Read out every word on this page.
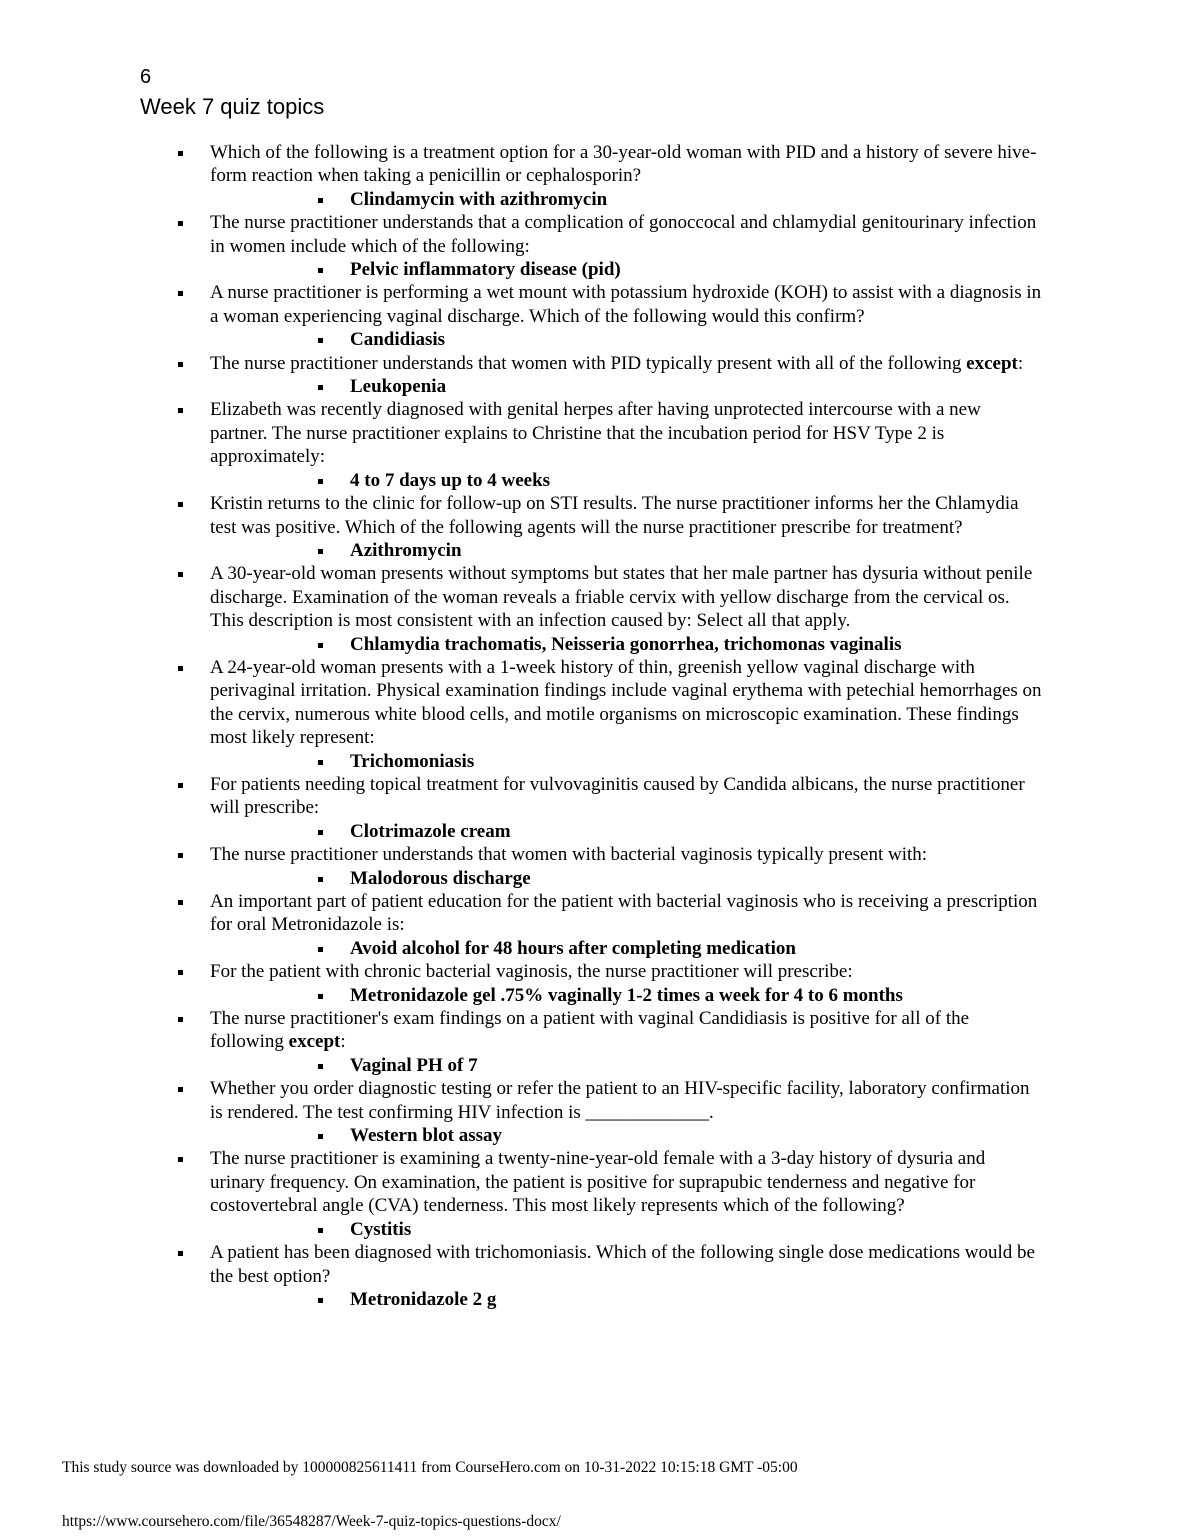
6
Week 7 quiz topics
Which of the following is a treatment option for a 30-year-old woman with PID and a history of severe hive-form reaction when taking a penicillin or cephalosporin?
Clindamycin with azithromycin
The nurse practitioner understands that a complication of gonoccocal and chlamydial genitourinary infection in women include which of the following:
Pelvic inflammatory disease (pid)
A nurse practitioner is performing a wet mount with potassium hydroxide (KOH) to assist with a diagnosis in a woman experiencing vaginal discharge. Which of the following would this confirm?
Candidiasis
The nurse practitioner understands that women with PID typically present with all of the following except:
Leukopenia
Elizabeth was recently diagnosed with genital herpes after having unprotected intercourse with a new partner. The nurse practitioner explains to Christine that the incubation period for HSV Type 2 is approximately:
4 to 7 days up to 4 weeks
Kristin returns to the clinic for follow-up on STI results. The nurse practitioner informs her the Chlamydia test was positive. Which of the following agents will the nurse practitioner prescribe for treatment?
Azithromycin
A 30-year-old woman presents without symptoms but states that her male partner has dysuria without penile discharge. Examination of the woman reveals a friable cervix with yellow discharge from the cervical os. This description is most consistent with an infection caused by: Select all that apply.
Chlamydia trachomatis, Neisseria gonorrhea, trichomonas vaginalis
A 24-year-old woman presents with a 1-week history of thin, greenish yellow vaginal discharge with perivaginal irritation. Physical examination findings include vaginal erythema with petechial hemorrhages on the cervix, numerous white blood cells, and motile organisms on microscopic examination. These findings most likely represent:
Trichomoniasis
For patients needing topical treatment for vulvovaginitis caused by Candida albicans, the nurse practitioner will prescribe:
Clotrimazole cream
The nurse practitioner understands that women with bacterial vaginosis typically present with:
Malodorous discharge
An important part of patient education for the patient with bacterial vaginosis who is receiving a prescription for oral Metronidazole is:
Avoid alcohol for 48 hours after completing medication
For the patient with chronic bacterial vaginosis, the nurse practitioner will prescribe:
Metronidazole gel .75% vaginally 1-2 times a week for 4 to 6 months
The nurse practitioner's exam findings on a patient with vaginal Candidiasis is positive for all of the following except:
Vaginal PH of 7
Whether you order diagnostic testing or refer the patient to an HIV-specific facility, laboratory confirmation is rendered. The test confirming HIV infection is _____________.
Western blot assay
The nurse practitioner is examining a twenty-nine-year-old female with a 3-day history of dysuria and urinary frequency. On examination, the patient is positive for suprapubic tenderness and negative for costovertebral angle (CVA) tenderness. This most likely represents which of the following?
Cystitis
A patient has been diagnosed with trichomoniasis. Which of the following single dose medications would be the best option?
Metronidazole 2 g
This study source was downloaded by 100000825611411 from CourseHero.com on 10-31-2022 10:15:18 GMT -05:00
https://www.coursehero.com/file/36548287/Week-7-quiz-topics-questions-docx/
